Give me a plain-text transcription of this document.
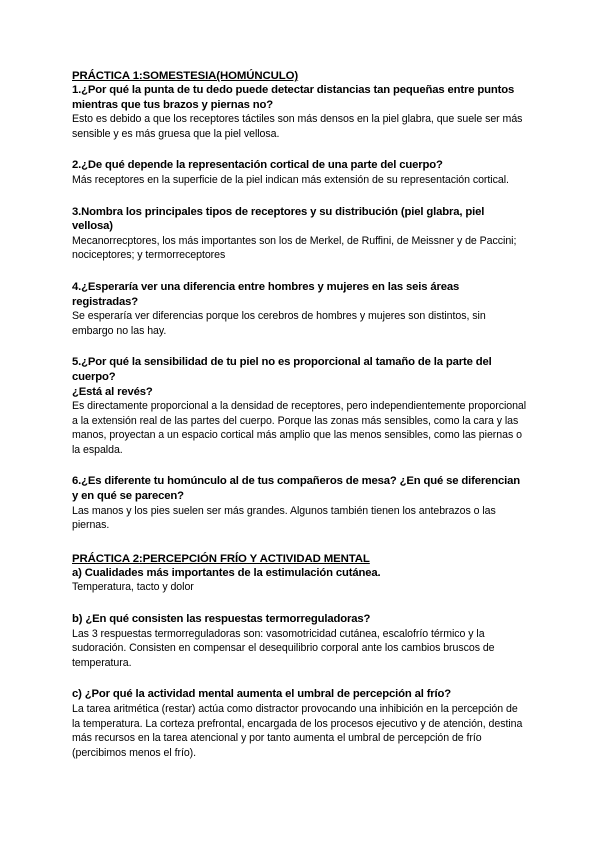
PRÁCTICA 1:SOMESTESIA(HOMÚNCULO)

1.¿Por qué la punta de tu dedo puede detectar distancias tan pequeñas entre puntos mientras que tus brazos y piernas no?

Esto es debido a que los receptores táctiles son más densos en la piel glabra, que suele ser más sensible y es más gruesa que la piel vellosa.

2.¿De qué depende la representación cortical de una parte del cuerpo?

Más receptores en la superficie de la piel indican más extensión de su representación cortical.

3.Nombra los principales tipos de receptores y su distribución (piel glabra, piel vellosa)

Mecanorrecptores, los más importantes son los de Merkel, de Ruffini, de Meissner y de Paccini; nociceptores; y termorreceptores

4.¿Esperaría ver una diferencia entre hombres y mujeres en las seis áreas registradas?

Se esperaría ver diferencias porque los cerebros de hombres y mujeres son distintos, sin embargo no las hay.

5.¿Por qué la sensibilidad de tu piel no es proporcional al tamaño de la parte del cuerpo?

¿Está al revés?

Es directamente proporcional a la densidad de receptores, pero independientemente proporcional a la extensión real de las partes del cuerpo. Porque las zonas más sensibles, como la cara y las manos, proyectan a un espacio cortical más amplio que las menos sensibles, como las piernas o la espalda.

6.¿Es diferente tu homúnculo al de tus compañeros de mesa? ¿En qué se diferencian y en qué se parecen?

Las manos y los pies suelen ser más grandes. Algunos también tienen los antebrazos o las piernas.

PRÁCTICA 2:PERCEPCIÓN FRÍO Y ACTIVIDAD MENTAL

a) Cualidades más importantes de la estimulación cutánea.

Temperatura, tacto y dolor

b) ¿En qué consisten las respuestas termorreguladoras?

Las 3 respuestas termorreguladoras son: vasomotricidad cutánea, escalofrío térmico y la sudoración. Consisten en compensar el desequilibrio corporal ante los cambios bruscos de temperatura.

c) ¿Por qué la actividad mental aumenta el umbral de percepción al frío?

La tarea aritmética (restar) actúa como distractor provocando una inhibición en la percepción de la temperatura. La corteza prefrontal, encargada de los procesos ejecutivo y de atención, destina más recursos en la tarea atencional y por tanto aumenta el umbral de percepción de frío (percibimos menos el frío).
